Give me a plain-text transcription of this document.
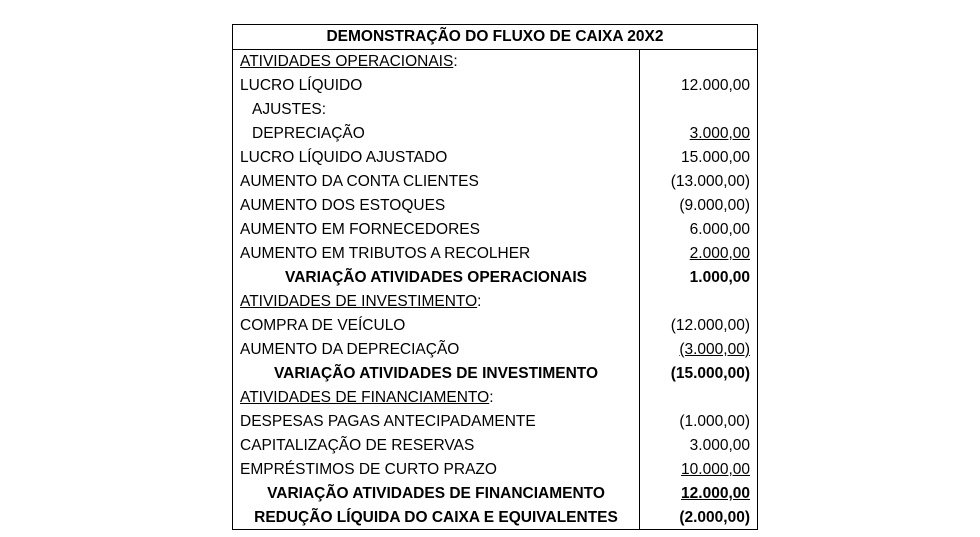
DEMONSTRAÇÃO DO FLUXO DE CAIXA 20X2
ATIVIDADES OPERACIONAIS:
LUCRO LÍQUIDO	12.000,00
AJUSTES:
DEPRECIAÇÃO	3.000,00
LUCRO LÍQUIDO AJUSTADO	15.000,00
AUMENTO DA CONTA CLIENTES	(13.000,00)
AUMENTO DOS ESTOQUES	(9.000,00)
AUMENTO EM FORNECEDORES	6.000,00
AUMENTO EM TRIBUTOS A RECOLHER	2.000,00
VARIAÇÃO ATIVIDADES OPERACIONAIS	1.000,00
ATIVIDADES DE INVESTIMENTO:
COMPRA DE VEÍCULO	(12.000,00)
AUMENTO DA DEPRECIAÇÃO	(3.000,00)
VARIAÇÃO ATIVIDADES DE INVESTIMENTO	(15.000,00)
ATIVIDADES DE FINANCIAMENTO:
DESPESAS PAGAS ANTECIPADAMENTE	(1.000,00)
CAPITALIZAÇÃO DE RESERVAS	3.000,00
EMPRÉSTIMOS DE CURTO PRAZO	10.000,00
VARIAÇÃO ATIVIDADES DE FINANCIAMENTO	12.000,00
REDUÇÃO LÍQUIDA DO CAIXA E EQUIVALENTES	(2.000,00)
